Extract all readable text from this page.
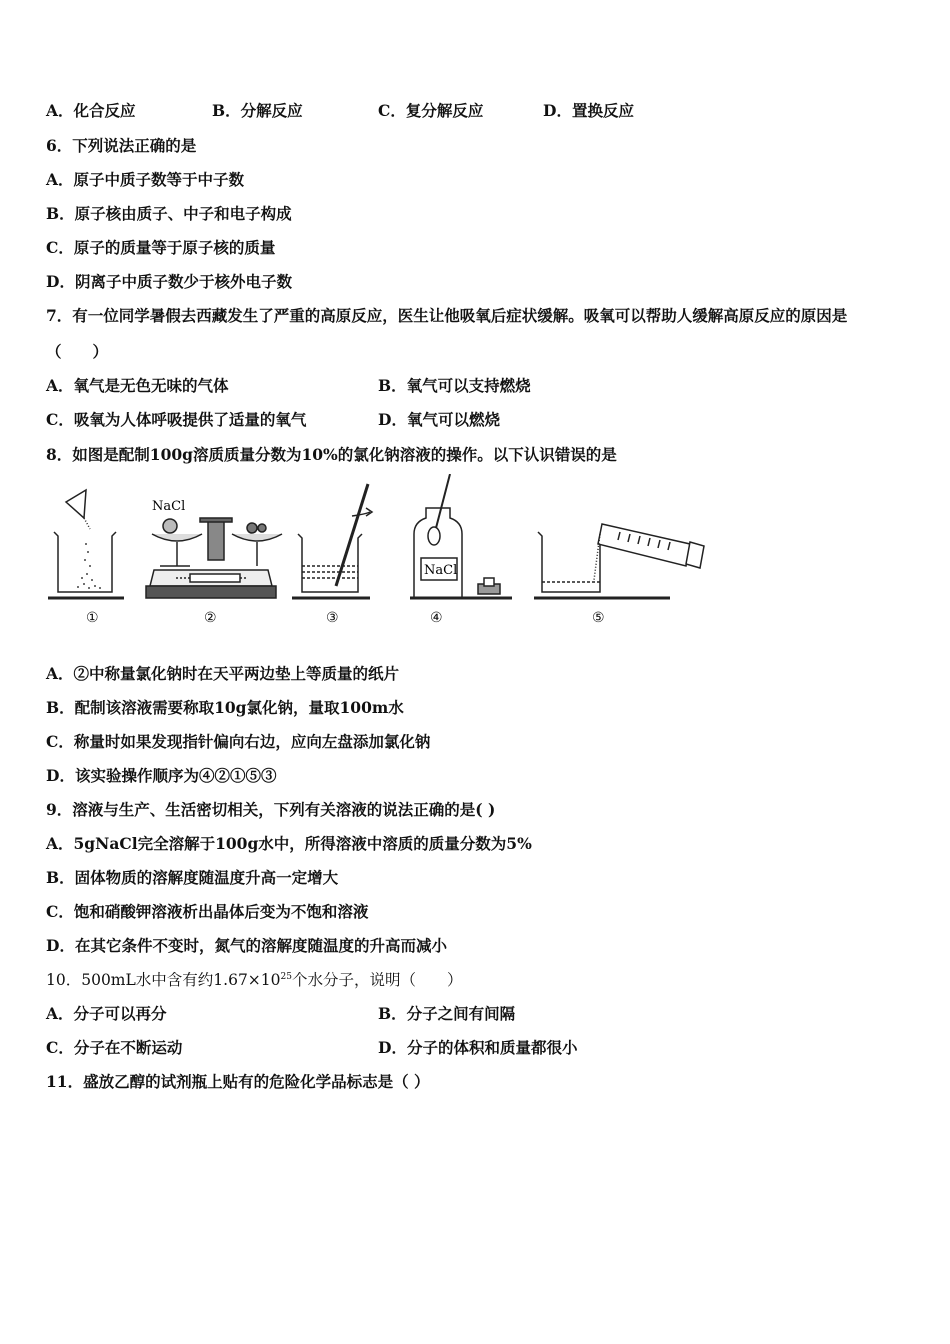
A．化合反应	B．分解反应	C．复分解反应	D．置换反应
6．下列说法正确的是
A．原子中质子数等于中子数
B．原子核由质子、中子和电子构成
C．原子的质量等于原子核的质量
D．阴离子中质子数少于核外电子数
7．有一位同学暑假去西藏发生了严重的高原反应，医生让他吸氧后症状缓解。吸氧可以帮助人缓解高原反应的原因是
（　　）
A．氧气是无色无味的气体	B．氧气可以支持燃烧
C．吸氧为人体呼吸提供了适量的氧气	D．氧气可以燃烧
8．如图是配制100g溶质质量分数为10%的氯化钠溶液的操作。以下认识错误的是
NaCl
NaCl
①	②	③	④	⑤
A．②中称量氯化钠时在天平两边垫上等质量的纸片
B．配制该溶液需要称取10g氯化钠，量取100m水
C．称量时如果发现指针偏向右边，应向左盘添加氯化钠
D．该实验操作顺序为④②①⑤③
9．溶液与生产、生活密切相关，下列有关溶液的说法正确的是( )
A．5gNaCl完全溶解于100g水中，所得溶液中溶质的质量分数为5%
B．固体物质的溶解度随温度升高一定增大
C．饱和硝酸钾溶液析出晶体后变为不饱和溶液
D．在其它条件不变时，氮气的溶解度随温度的升高而减小
10．500mL水中含有约$1.67\times 10^{25}$个水分子，说明（　　）
A．分子可以再分	B．分子之间有间隔
C．分子在不断运动	D．分子的体积和质量都很小
11．盛放乙醇的试剂瓶上贴有的危险化学品标志是（ ）
